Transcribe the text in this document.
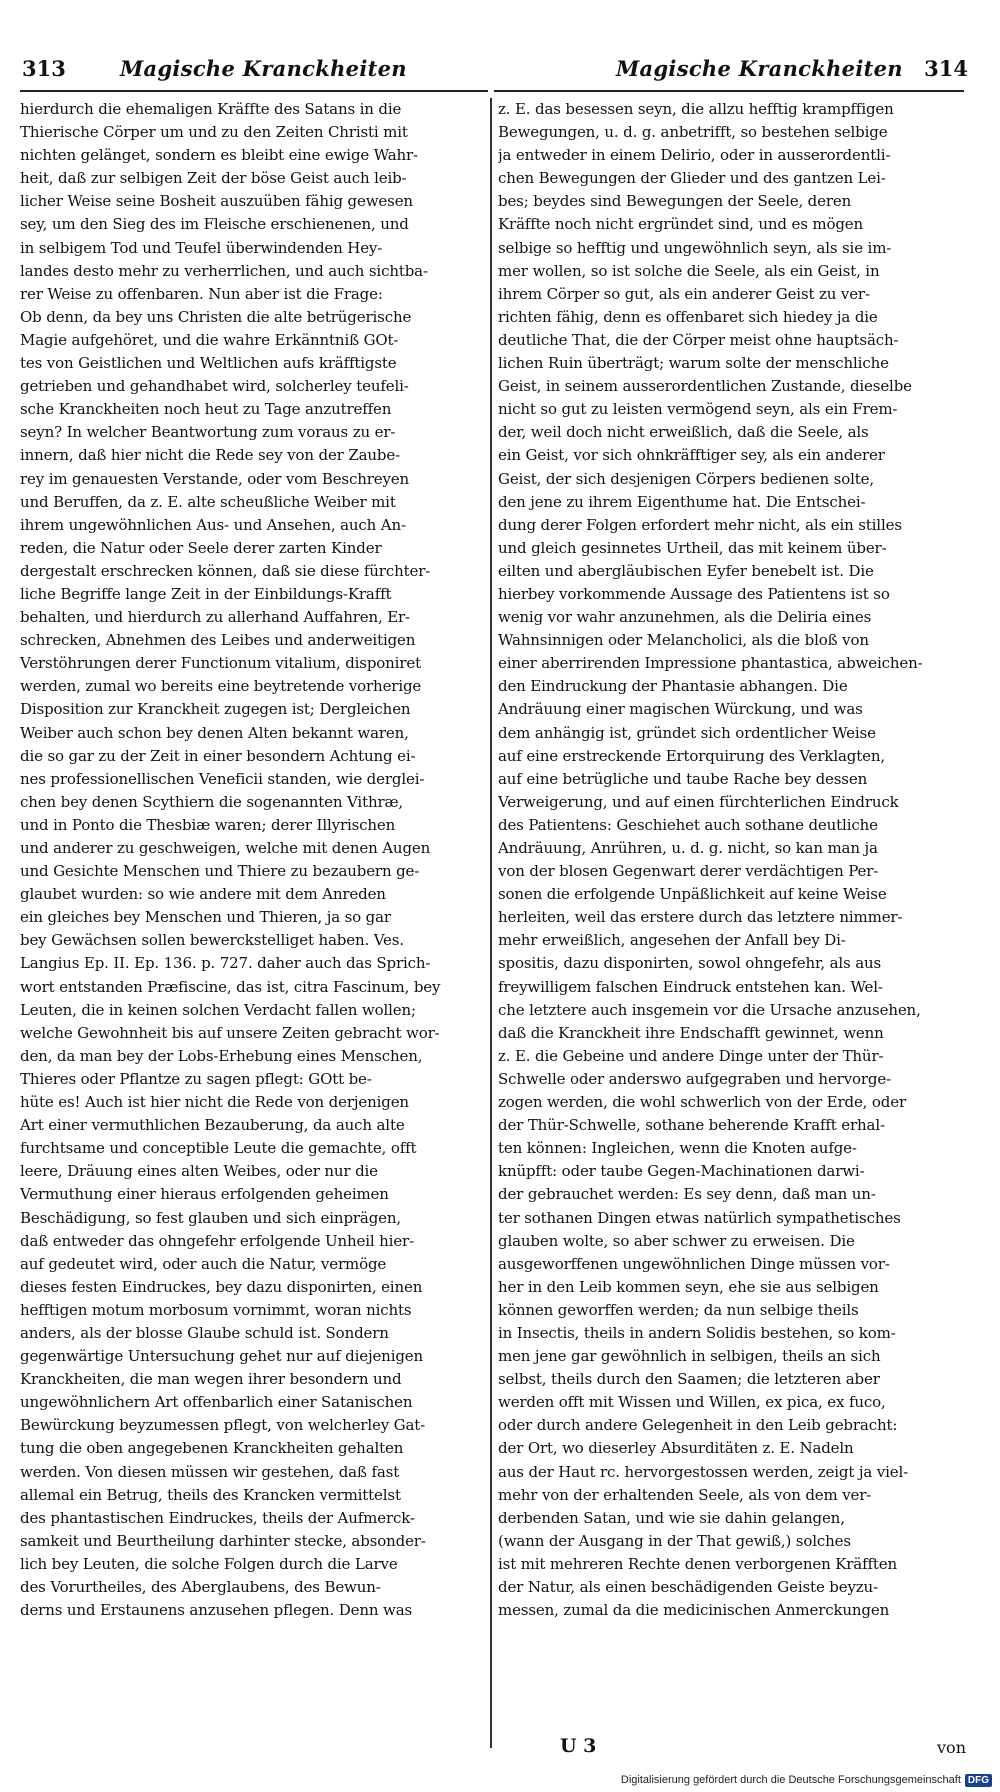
313	Magische Kranckheiten	Magische Kranckheiten 314
hierdurch die ehemaligen Kräffte des Satans in die
Thierische Cörper um und zu den Zeiten Christi mit
nichten gelänget, sondern es bleibt eine ewige Wahr-
heit, daß zur selbigen Zeit der böse Geist auch leib-
licher Weise seine Bosheit auszuüben fähig gewesen
sey, um den Sieg des im Fleische erschienenen, und
in selbigem Tod und Teufel überwindenden Hey-
landes desto mehr zu verherrlichen, und auch sichtba-
rer Weise zu offenbaren. Nun aber ist die Frage:
Ob denn, da bey uns Christen die alte betrügerische
Magie aufgehöret, und die wahre Erkänntniß GOt-
tes von Geistlichen und Weltlichen aufs kräfftigste
getrieben und gehandhabet wird, solcherley teufeli-
sche Kranckheiten noch heut zu Tage anzutreffen
seyn? In welcher Beantwortung zum voraus zu er-
innern, daß hier nicht die Rede sey von der Zaube-
rey im genauesten Verstande, oder vom Beschreyen
und Beruffen, da z. E. alte scheußliche Weiber mit
ihrem ungewöhnlichen Aus- und Ansehen, auch An-
reden, die Natur oder Seele derer zarten Kinder
dergestalt erschrecken können, daß sie diese fürchter-
liche Begriffe lange Zeit in der Einbildungs-Krafft
behalten, und hierdurch zu allerhand Auffahren, Er-
schrecken, Abnehmen des Leibes und anderweitigen
Verstöhrungen derer Functionum vitalium, disponiret
werden, zumal wo bereits eine beytretende vorherige
Disposition zur Kranckheit zugegen ist; Dergleichen
Weiber auch schon bey denen Alten bekannt waren,
die so gar zu der Zeit in einer besondern Achtung ei-
nes professionellischen Veneficii standen, wie derglei-
chen bey denen Scythiern die sogenannten Vithræ,
und in Ponto die Thesbiæ waren; derer Illyrischen
und anderer zu geschweigen, welche mit denen Augen
und Gesichte Menschen und Thiere zu bezaubern ge-
glaubet wurden: so wie andere mit dem Anreden
ein gleiches bey Menschen und Thieren, ja so gar
bey Gewächsen sollen bewerckstelliget haben. Ves.
Langius Ep. II. Ep. 136. p. 727. daher auch das Sprich-
wort entstanden Præfiscine, das ist, citra Fascinum, bey
Leuten, die in keinen solchen Verdacht fallen wollen;
welche Gewohnheit bis auf unsere Zeiten gebracht wor-
den, da man bey der Lobs-Erhebung eines Menschen,
Thieres oder Pflantze zu sagen pflegt: GOtt be-
hüte es! Auch ist hier nicht die Rede von derjenigen
Art einer vermuthlichen Bezauberung, da auch alte
furchtsame und conceptible Leute die gemachte, offt
leere, Dräuung eines alten Weibes, oder nur die
Vermuthung einer hieraus erfolgenden geheimen
Beschädigung, so fest glauben und sich einprägen,
daß entweder das ohngefehr erfolgende Unheil hier-
auf gedeutet wird, oder auch die Natur, vermöge
dieses festen Eindruckes, bey dazu disponirten, einen
hefftigen motum morbosum vornimmt, woran nichts
anders, als der blosse Glaube schuld ist. Sondern
gegenwärtige Untersuchung gehet nur auf diejenigen
Kranckheiten, die man wegen ihrer besondern und
ungewöhnlichern Art offenbarlich einer Satanischen
Bewürckung beyzumessen pflegt, von welcherley Gat-
tung die oben angegebenen Kranckheiten gehalten
werden. Von diesen müssen wir gestehen, daß fast
allemal ein Betrug, theils des Krancken vermittelst
des phantastischen Eindruckes, theils der Aufmerck-
samkeit und Beurtheilung darhinter stecke, absonder-
lich bey Leuten, die solche Folgen durch die Larve
des Vorurtheiles, des Aberglaubens, des Bewun-
derns und Erstaunens anzusehen pflegen. Denn was
z. E. das besessen seyn, die allzu hefftig krampffigen
Bewegungen, u. d. g. anbetrifft, so bestehen selbige
ja entweder in einem Delirio, oder in ausserordentli-
chen Bewegungen der Glieder und des gantzen Lei-
bes; beydes sind Bewegungen der Seele, deren
Kräffte noch nicht ergründet sind, und es mögen
selbige so hefftig und ungewöhnlich seyn, als sie im-
mer wollen, so ist solche die Seele, als ein Geist, in
ihrem Cörper so gut, als ein anderer Geist zu ver-
richten fähig, denn es offenbaret sich hiedey ja die
deutliche That, die der Cörper meist ohne hauptsäch-
lichen Ruin überträgt; warum solte der menschliche
Geist, in seinem ausserordentlichen Zustande, dieselbe
nicht so gut zu leisten vermögend seyn, als ein Frem-
der, weil doch nicht erweißlich, daß die Seele, als
ein Geist, vor sich ohnkräfftiger sey, als ein anderer
Geist, der sich desjenigen Cörpers bedienen solte,
den jene zu ihrem Eigenthume hat. Die Entschei-
dung derer Folgen erfordert mehr nicht, als ein stilles
und gleich gesinnetes Urtheil, das mit keinem über-
eilten und abergläubischen Eyfer benebelt ist. Die
hierbey vorkommende Aussage des Patientens ist so
wenig vor wahr anzunehmen, als die Deliria eines
Wahnsinnigen oder Melancholici, als die bloß von
einer aberrirenden Impressione phantastica, abweichen-
den Eindruckung der Phantasie abhangen. Die
Andräuung einer magischen Würckung, und was
dem anhängig ist, gründet sich ordentlicher Weise
auf eine erstreckende Ertorquirung des Verklagten,
auf eine betrügliche und taube Rache bey dessen
Verweigerung, und auf einen fürchterlichen Eindruck
des Patientens: Geschiehet auch sothane deutliche
Andräuung, Anrühren, u. d. g. nicht, so kan man ja
von der blosen Gegenwart derer verdächtigen Per-
sonen die erfolgende Unpäßlichkeit auf keine Weise
herleiten, weil das erstere durch das letztere nimmer-
mehr erweißlich, angesehen der Anfall bey Di-
spositis, dazu disponirten, sowol ohngefehr, als aus
freywilligem falschen Eindruck entstehen kan. Wel-
che letztere auch insgemein vor die Ursache anzusehen,
daß die Kranckheit ihre Endschafft gewinnet, wenn
z. E. die Gebeine und andere Dinge unter der Thür-
Schwelle oder anderswo aufgegraben und hervorge-
zogen werden, die wohl schwerlich von der Erde, oder
der Thür-Schwelle, sothane beherende Krafft erhal-
ten können: Ingleichen, wenn die Knoten aufge-
knüpfft: oder taube Gegen-Machinationen darwi-
der gebrauchet werden: Es sey denn, daß man un-
ter sothanen Dingen etwas natürlich sympathetisches
glauben wolte, so aber schwer zu erweisen. Die
ausgeworffenen ungewöhnlichen Dinge müssen vor-
her in den Leib kommen seyn, ehe sie aus selbigen
können geworffen werden; da nun selbige theils
in Insectis, theils in andern Solidis bestehen, so kom-
men jene gar gewöhnlich in selbigen, theils an sich
selbst, theils durch den Saamen; die letzteren aber
werden offt mit Wissen und Willen, ex pica, ex fuco,
oder durch andere Gelegenheit in den Leib gebracht:
der Ort, wo dieserley Absurditäten z. E. Nadeln
aus der Haut rc. hervorgestossen werden, zeigt ja viel-
mehr von der erhaltenden Seele, als von dem ver-
derbenden Satan, und wie sie dahin gelangen,
(wann der Ausgang in der That gewiß,) solches
ist mit mehreren Rechte denen verborgenen Kräfften
der Natur, als einen beschädigenden Geiste beyzu-
messen, zumal da die medicinischen Anmerckungen
U 3	von
Digitalisierung gefördert durch die Deutsche Forschungsgemeinschaft DFG
